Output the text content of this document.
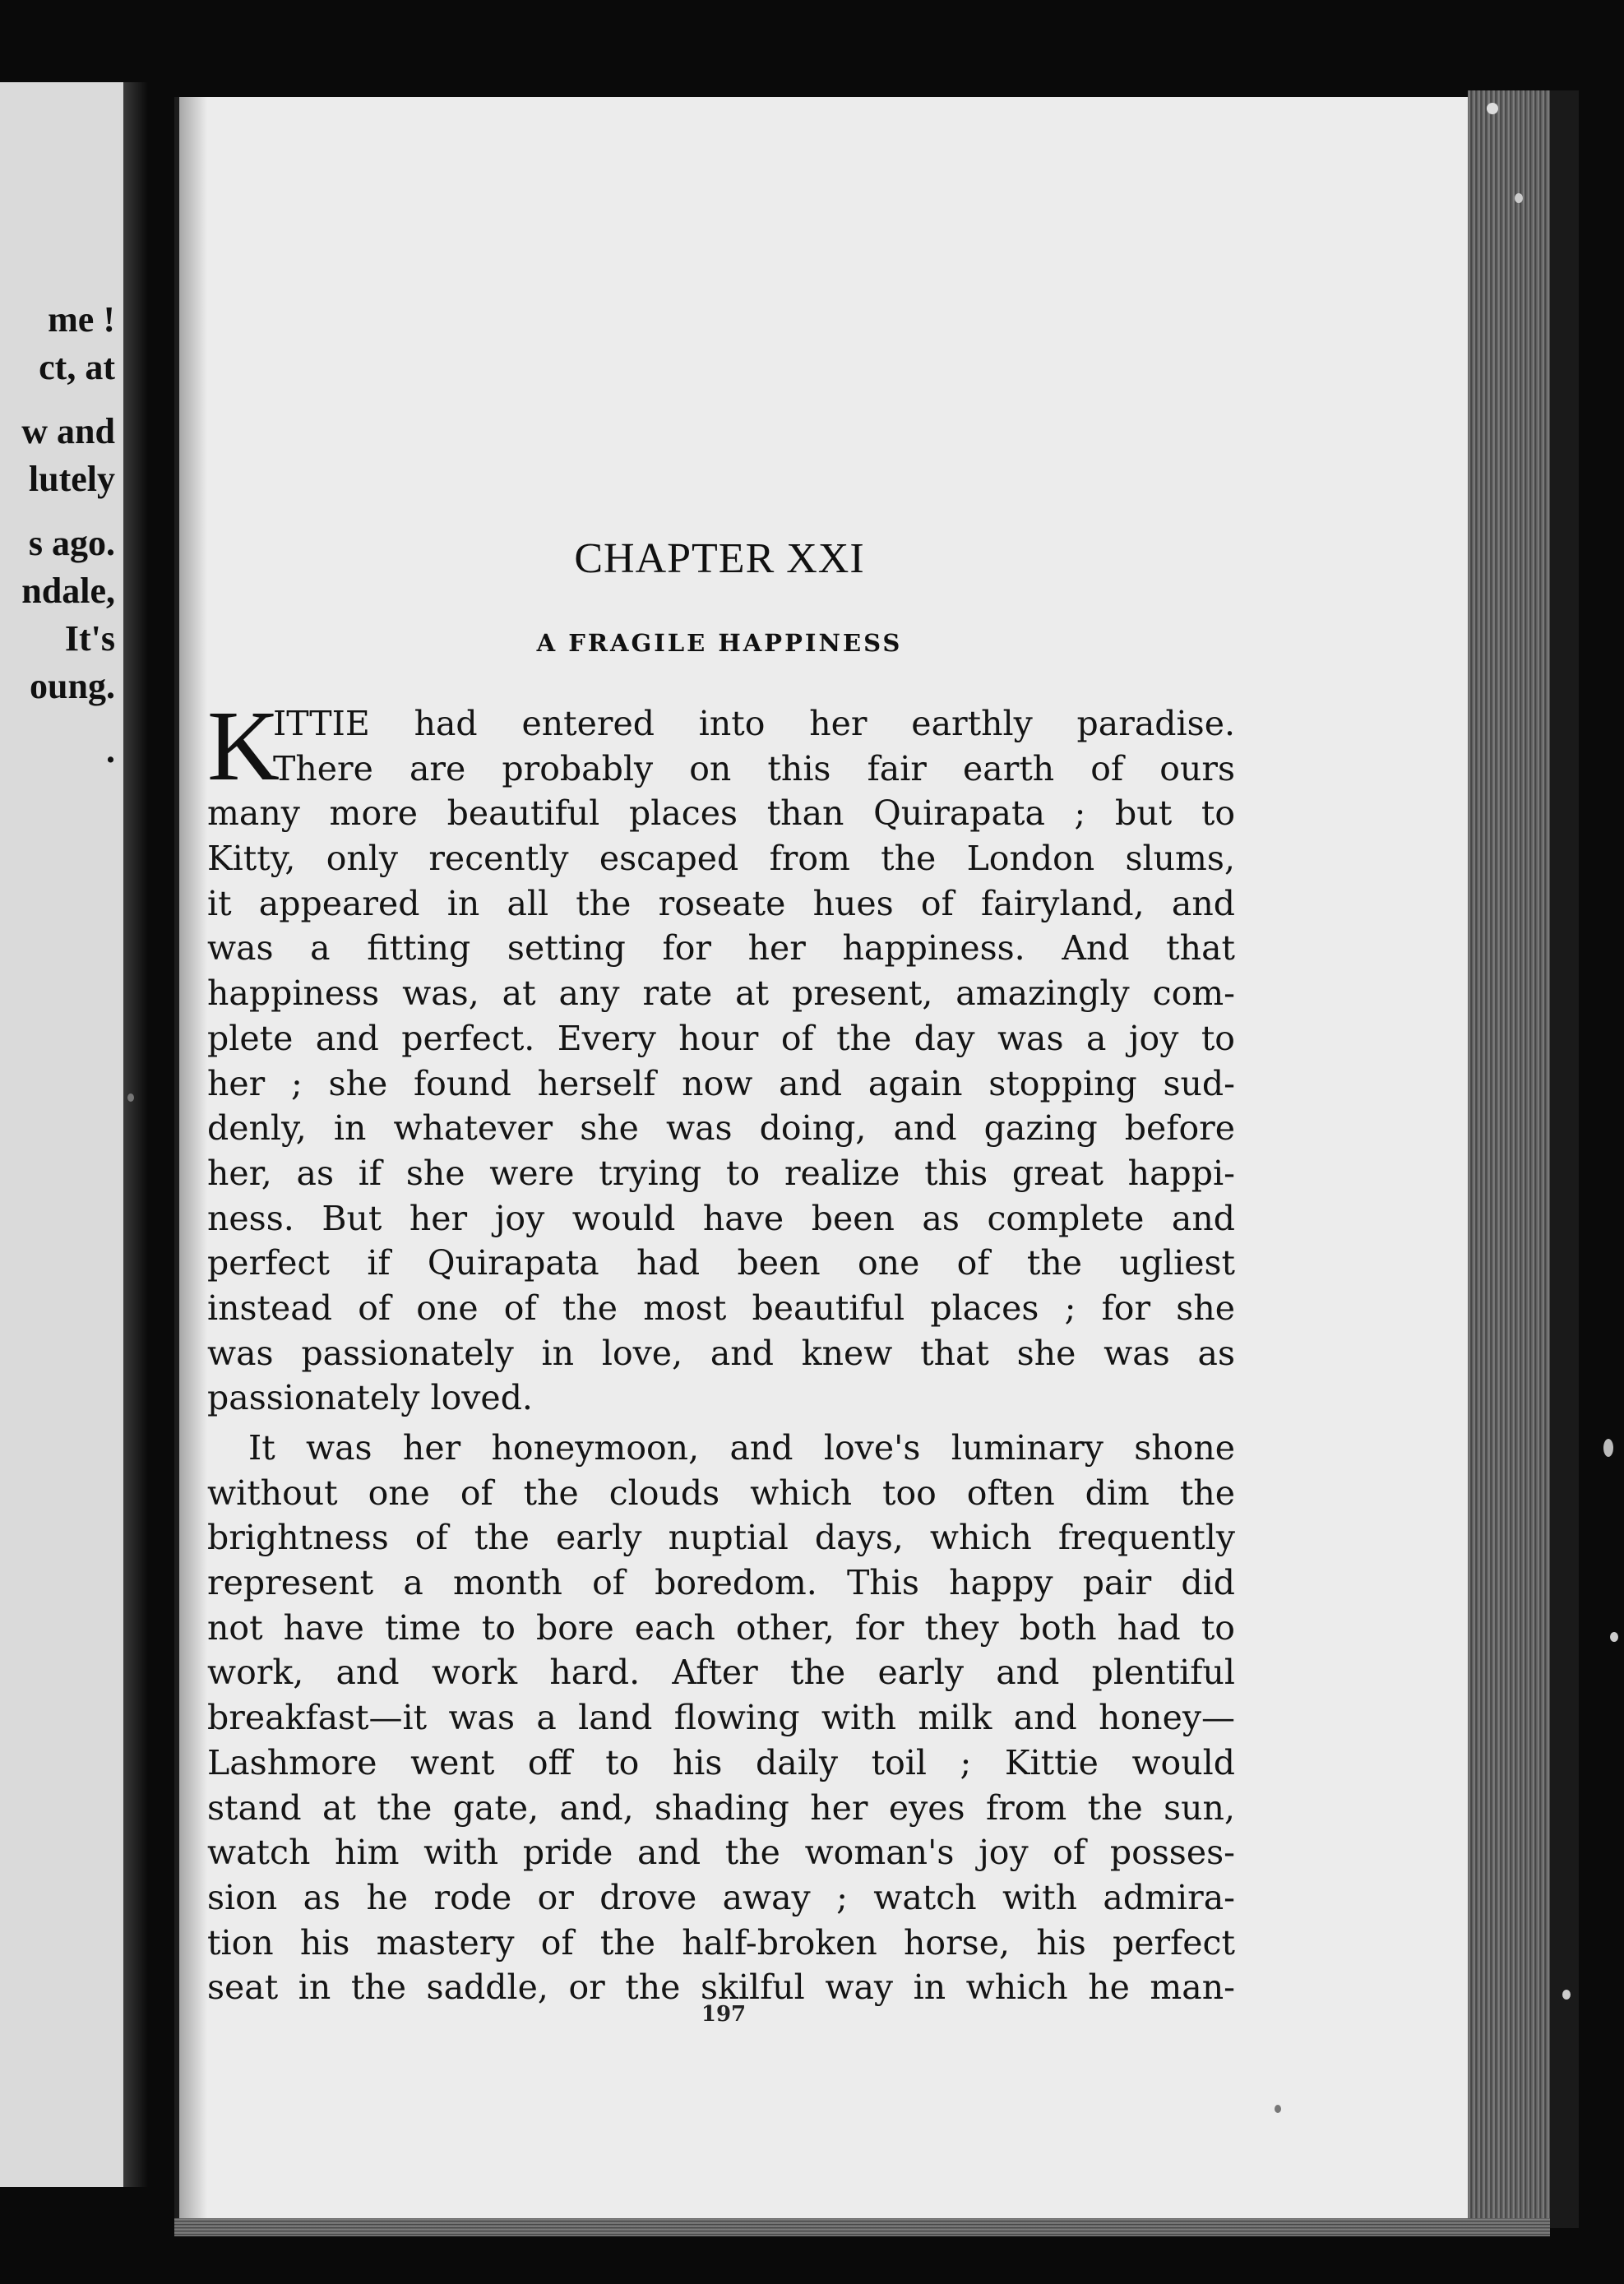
me !
ct, at
w and
lutely
s ago.
ndale,
It's
oung.
.
CHAPTER XXI
A FRAGILE HAPPINESS
K
ITTIE had entered into her earthly paradise.
There are probably on this fair earth of ours
many more beautiful places than Quirapata ; but to
Kitty, only recently escaped from the London slums,
it appeared in all the roseate hues of fairyland, and
was a fitting setting for her happiness. And that
happiness was, at any rate at present, amazingly com-
plete and perfect. Every hour of the day was a joy to
her ; she found herself now and again stopping sud-
denly, in whatever she was doing, and gazing before
her, as if she were trying to realize this great happi-
ness. But her joy would have been as complete and
perfect if Quirapata had been one of the ugliest
instead of one of the most beautiful places ; for she
was passionately in love, and knew that she was as
passionately loved.
It was her honeymoon, and love's luminary shone
without one of the clouds which too often dim the
brightness of the early nuptial days, which frequently
represent a month of boredom. This happy pair did
not have time to bore each other, for they both had to
work, and work hard. After the early and plentiful
breakfast—it was a land flowing with milk and honey—
Lashmore went off to his daily toil ; Kittie would
stand at the gate, and, shading her eyes from the sun,
watch him with pride and the woman's joy of posses-
sion as he rode or drove away ; watch with admira-
tion his mastery of the half-broken horse, his perfect
seat in the saddle, or the skilful way in which he man-
197
